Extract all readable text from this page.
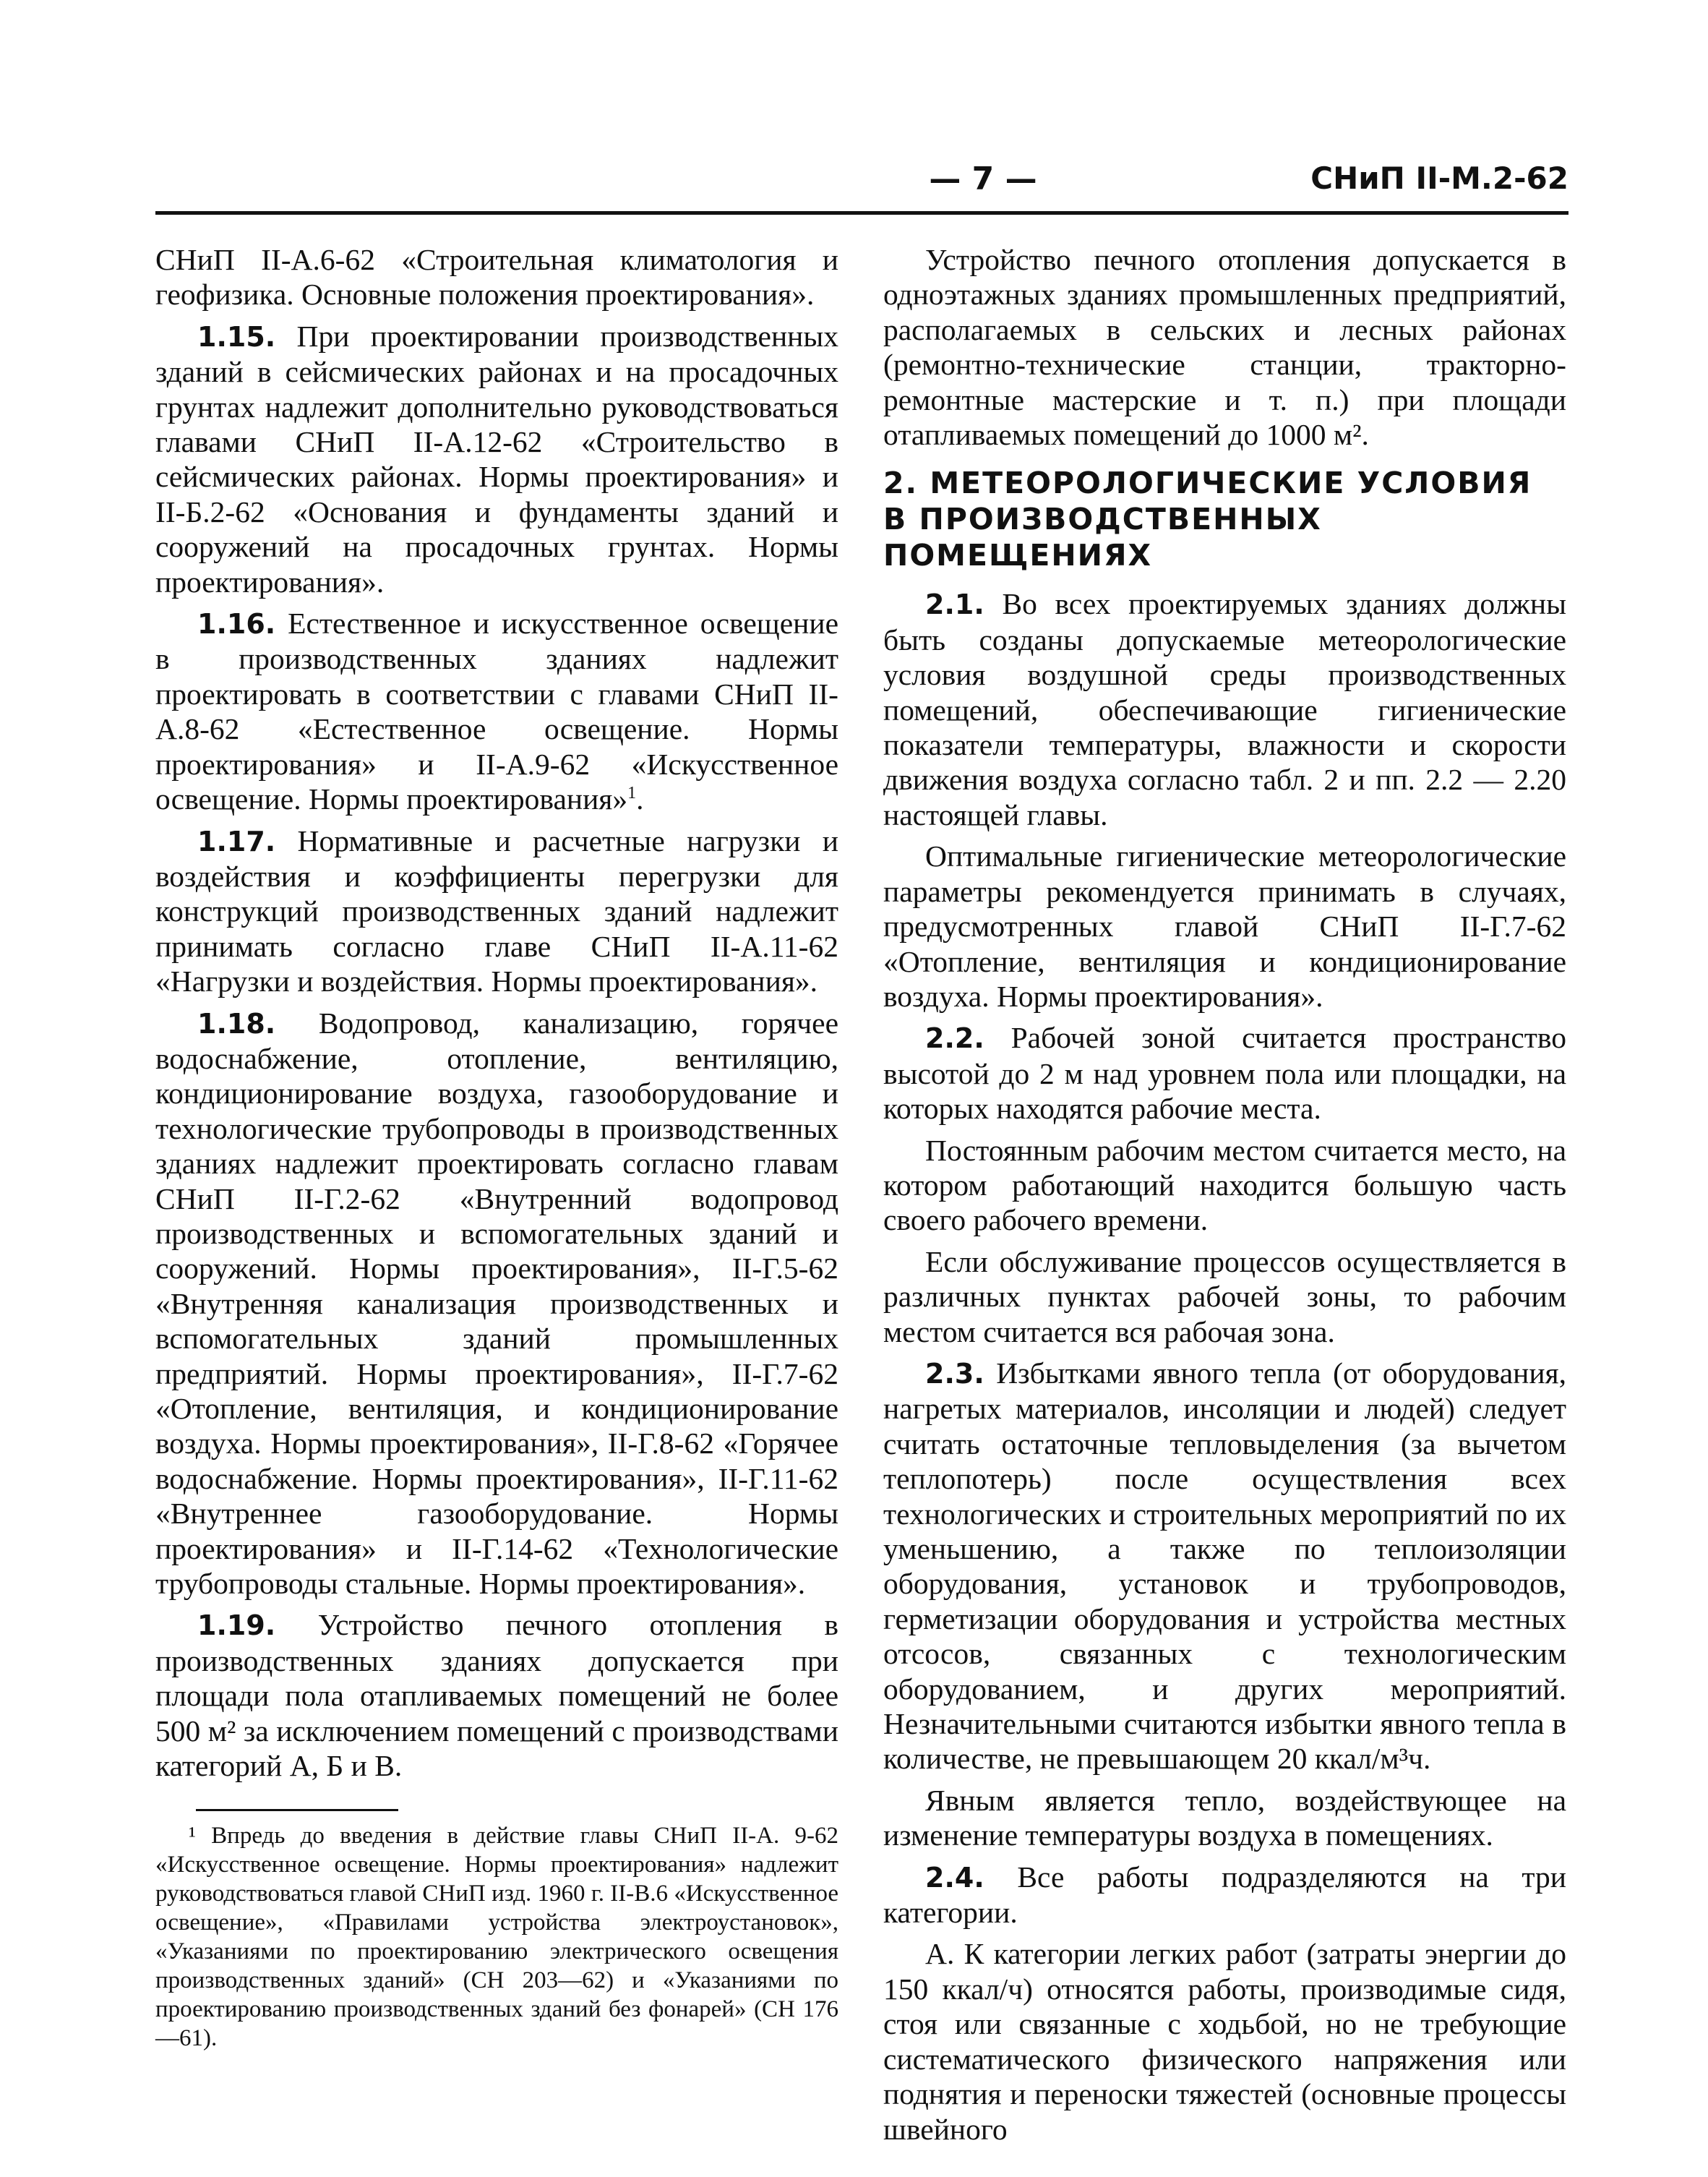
— 7 —	СНиП II-М.2-62

СНиП II-А.6-62 «Строительная климатология и геофизика. Основные положения проектирования».

1.15. При проектировании производственных зданий в сейсмических районах и на просадочных грунтах надлежит дополнительно руководствоваться главами СНиП II-А.12-62 «Строительство в сейсмических районах. Нормы проектирования» и II-Б.2-62 «Основания и фундаменты зданий и сооружений на просадочных грунтах. Нормы проектирования».

1.16. Естественное и искусственное освещение в производственных зданиях надлежит проектировать в соответствии с главами СНиП II-А.8-62 «Естественное освещение. Нормы проектирования» и II-А.9-62 «Искусственное освещение. Нормы проектирования»$^1$.

1.17. Нормативные и расчетные нагрузки и воздействия и коэффициенты перегрузки для конструкций производственных зданий надлежит принимать согласно главе СНиП II-А.11-62 «Нагрузки и воздействия. Нормы проектирования».

1.18. Водопровод, канализацию, горячее водоснабжение, отопление, вентиляцию, кондиционирование воздуха, газооборудование и технологические трубопроводы в производственных зданиях надлежит проектировать согласно главам СНиП II-Г.2-62 «Внутренний водопровод производственных и вспомогательных зданий и сооружений. Нормы проектирования», II-Г.5-62 «Внутренняя канализация производственных и вспомогательных зданий промышленных предприятий. Нормы проектирования», II-Г.7-62 «Отопление, вентиляция, и кондиционирование воздуха. Нормы проектирования», II-Г.8-62 «Горячее водоснабжение. Нормы проектирования», II-Г.11-62 «Внутреннее газооборудование. Нормы проектирования» и II-Г.14-62 «Технологические трубопроводы стальные. Нормы проектирования».

1.19. Устройство печного отопления в производственных зданиях допускается при площади пола отапливаемых помещений не более 500 м² за исключением помещений с производствами категорий А, Б и В.

¹ Впредь до введения в действие главы СНиП II-А. 9-62 «Искусственное освещение. Нормы проектирования» надлежит руководствоваться главой СНиП изд. 1960 г. II-В.6 «Искусственное освещение», «Правилами устройства электроустановок», «Указаниями по проектированию электрического освещения производственных зданий» (СН 203—62) и «Указаниями по проектированию производственных зданий без фонарей» (СН 176—61).

Устройство печного отопления допускается в одноэтажных зданиях промышленных предприятий, располагаемых в сельских и лесных районах (ремонтно-технические станции, тракторно-ремонтные мастерские и т. п.) при площади отапливаемых помещений до 1000 м².

2. МЕТЕОРОЛОГИЧЕСКИЕ УСЛОВИЯ
В ПРОИЗВОДСТВЕННЫХ ПОМЕЩЕНИЯХ

2.1. Во всех проектируемых зданиях должны быть созданы допускаемые метеорологические условия воздушной среды производственных помещений, обеспечивающие гигиенические показатели температуры, влажности и скорости движения воздуха согласно табл. 2 и пп. 2.2 — 2.20 настоящей главы.

Оптимальные гигиенические метеорологические параметры рекомендуется принимать в случаях, предусмотренных главой СНиП II-Г.7-62 «Отопление, вентиляция и кондиционирование воздуха. Нормы проектирования».

2.2. Рабочей зоной считается пространство высотой до 2 м над уровнем пола или площадки, на которых находятся рабочие места.

Постоянным рабочим местом считается место, на котором работающий находится большую часть своего рабочего времени.

Если обслуживание процессов осуществляется в различных пунктах рабочей зоны, то рабочим местом считается вся рабочая зона.

2.3. Избытками явного тепла (от оборудования, нагретых материалов, инсоляции и людей) следует считать остаточные тепловыделения (за вычетом теплопотерь) после осуществления всех технологических и строительных мероприятий по их уменьшению, а также по теплоизоляции оборудования, установок и трубопроводов, герметизации оборудования и устройства местных отсосов, связанных с технологическим оборудованием, и других мероприятий. Незначительными считаются избытки явного тепла в количестве, не превышающем 20 ккал/м³ч.

Явным является тепло, воздействующее на изменение температуры воздуха в помещениях.

2.4. Все работы подразделяются на три категории.

А. К категории легких работ (затраты энергии до 150 ккал/ч) относятся работы, производимые сидя, стоя или связанные с ходьбой, но не требующие систематического физического напряжения или поднятия и переноски тяжестей (основные процессы швейного
